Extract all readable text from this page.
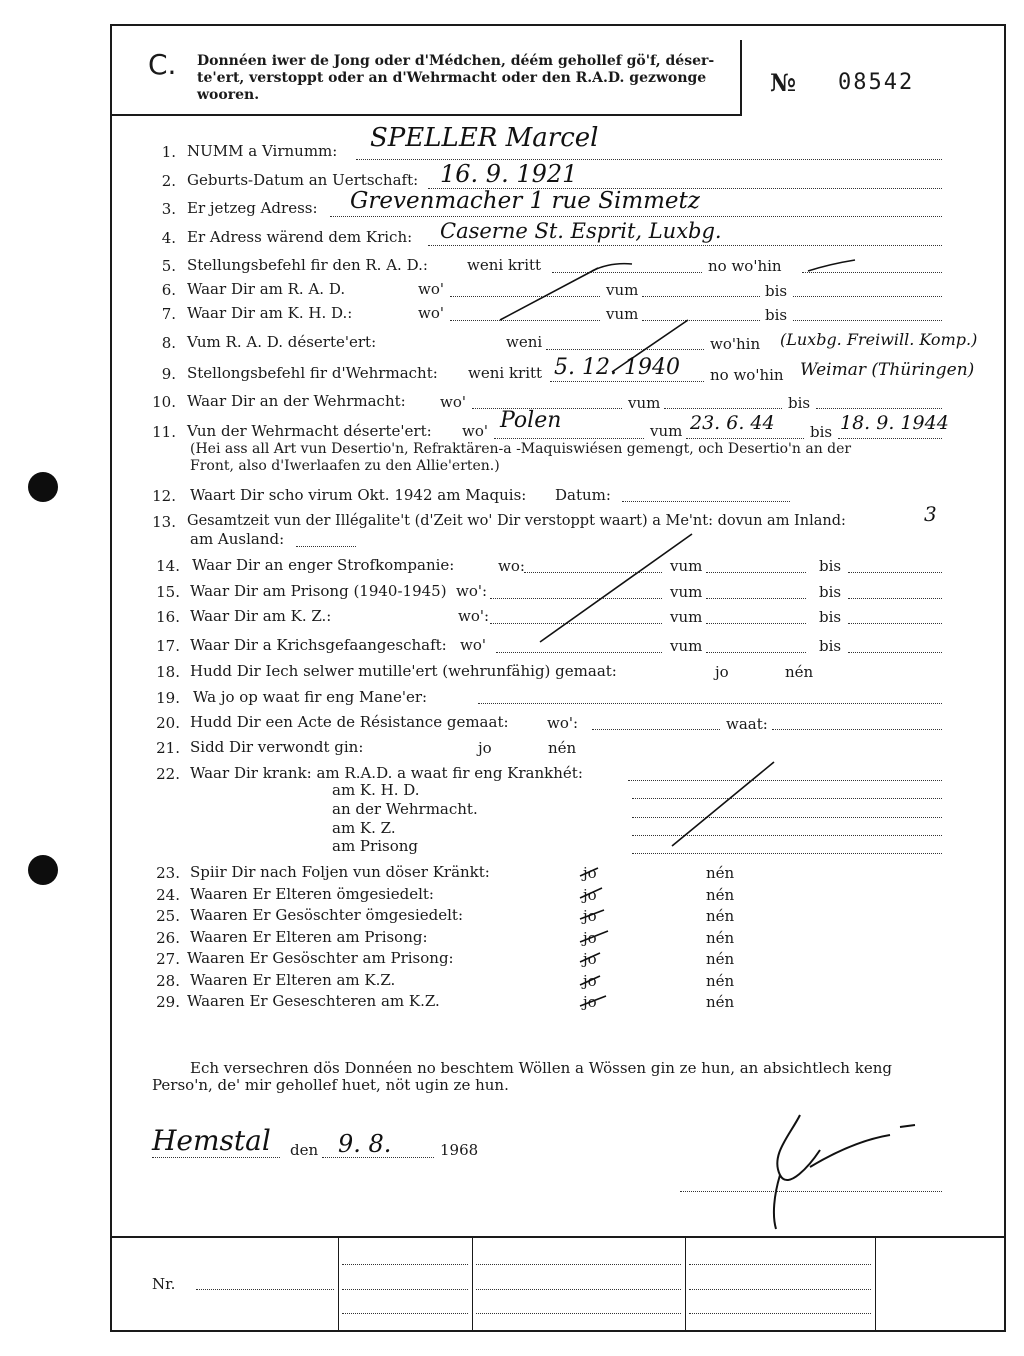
C. Donnéen iwer de Jong oder d'Médchen, déém gehollef gö'f, déser-
te'ert, verstoppt oder an d'Wehrmacht oder den R.A.D. gezwonge
wooren.	№ 08542
1. NUMM a Virnumm: SPELLER Marcel
2. Geburts-Datum an Uertschaft: 16. 9. 1921
3. Er jetzeg Adress: Grevenmacher 1 rue Simmetz
4. Er Adress wärend dem Krich: Caserne St. Esprit, Luxbg.
5. Stellungsbefehl fir den R. A. D.:	weni kritt	no wo'hin
6. Waar Dir am R. A. D.	wo'	vum	bis
7. Waar Dir am K. H. D.:	wo'	vum	bis
8. Vum R. A. D. déserte'ert:	weni	wo'hin (Luxbg. Freiwill. Komp.)
9. Stellongsbefehl fir d'Wehrmacht: weni kritt 5. 12. 1940 no wo'hin Weimar (Thüringen)
10. Waar Dir an der Wehrmacht: wo'	vum	bis
11. Vun der Wehrmacht déserte'ert: wo' Polen	vum 23. 6. 44 bis 18. 9. 1944
(Hei ass all Art vun Desertio'n, Refraktären-a -Maquiswiésen gemengt, och Desertio'n an der
Front, also d'Iwerlaafen zu den Allie'erten.)
12. Waart Dir scho virum Okt. 1942 am Maquis: Datum:
13. Gesamtzeit vun der Illégalite't (d'Zeit wo' Dir verstoppt waart) a Me'nt: dovun am Inland:	3
am Ausland:
14. Waar Dir an enger Strofkompanie:	wo:	vum	bis
15. Waar Dir am Prisong (1940-1945) wo':	vum	bis
16. Waar Dir am K. Z.:	wo':	vum	bis
17. Waar Dir a Krichsgefaangeschaft: wo'	vum	bis
18. Hudd Dir Iech selwer mutille'ert (wehrunfähig) gemaat:	jo	nén
19. Wa jo op waat fir eng Mane'er:
20. Hudd Dir een Acte de Résistance gemaat:	wo':	waat:
21. Sidd Dir verwondt gin:	jo	nén
22. Waar Dir krank: am R.A.D. a waat fir eng Krankhét:
am K. H. D.
an der Wehrmacht.
am K. Z.
am Prisong
23. Spiir Dir nach Foljen vun döser Kränkt:	jo	nén
24. Waaren Er Elteren ömgesiedelt:	jo	nén
25. Waaren Er Gesöschter ömgesiedelt:	jo	nén
26. Waaren Er Elteren am Prisong:	jo	nén
27. Waaren Er Gesöschter am Prisong:	jo	nén
28. Waaren Er Elteren am K.Z.	jo	nén
29. Waaren Er Geseschteren am K.Z.	jo	nén
Ech versechren dös Donnéen no beschtem Wöllen a Wössen gin ze hun, an absichtlech keng
Perso'n, de' mir gehollef huet, nöt ugin ze hun.
Hemstal den 9. 8.	1968
Nr.
